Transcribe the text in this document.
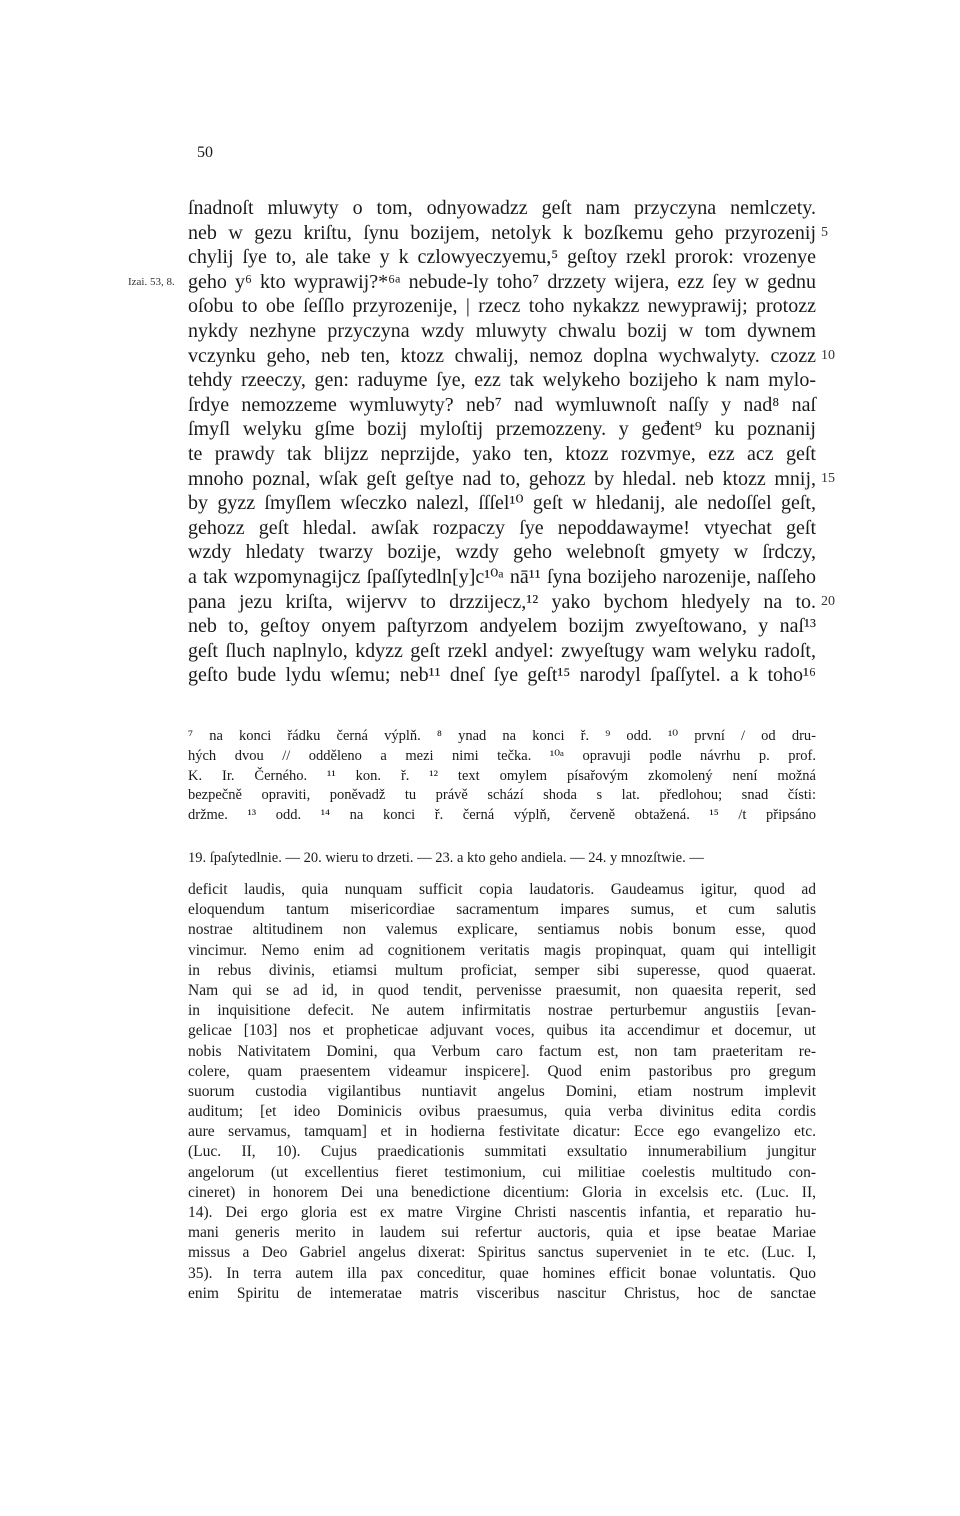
50
ſnadnoſt mluwyty o tom, odnyowadzz geſt nam przyczyna nemlczety.
neb w gezu kriſtu, ſynu bozijem, netolyk k bozſkemu geho przyrozenij 5
chylij ſye to, ale take y k czlowyeczyemu,⁵ geſtoy rzekl prorok: vrozenye
geho y⁶ kto wyprawij?*⁶ᵃ nebude-ly toho⁷ drzzety wijera, ezz ſey w gednu
Izai. 53, 8.
oſobu to obe ſeſſlo przyrozenije, | rzecz toho nykakzz newyprawij; protozz
nykdy nezhyne przyczyna wzdy mluwyty chwalu bozij w tom dywnem
vczynku geho, neb ten, ktozz chwalij, nemoz doplna wychwalyty. czozz 10
tehdy rzeeczy, gen: raduyme ſye, ezz tak welykeho bozijeho k nam mylo-
ſrdye nemozzeme wymluwyty? neb⁷ nad wymluwnoſt naſſy y nad⁸ naſ
ſmyſl welyku gſme bozij myloſtij przemozzeny. y geđent⁹ ku poznanij
te prawdy tak blijzz neprzijde, yako ten, ktozz rozvmye, ezz acz geſt
mnoho poznal, wſak geſt geſtye nad to, gehozz by hledal. neb ktozz mnij, 15
by gyzz ſmyſlem wſeczko nalezl, ſſſel¹⁰ geſt w hledanij, ale nedoſſel geſt,
gehozz geſt hledal. awſak rozpaczy ſye nepoddawayme! vtyechat geſt
wzdy hledaty twarzy bozije, wzdy geho welebnoſt gmyety w ſrdczy,
a tak wzpomynagijcz ſpaſſytedln[y]c¹⁰ᵃ nā¹¹ ſyna bozijeho narozenije, naſſeho
pana jezu kriſta, wijervv to drzzijecz,¹² yako bychom hledyely na to. 20
neb to, geſtoy onyem paſtyrzom andyelem bozijm zwyeſtowano, y naſ¹³
geſt ſluch naplnylo, kdyzz geſt rzekl andyel: zwyeſtugy wam welyku radoſt,
geſto bude lydu wſemu; neb¹¹ dneſ ſye geſt¹⁵ narodyl ſpaſſytel. a k toho¹⁶
⁷ na konci řádku černá výplň. ⁸ ynad na konci ř. ⁹ odd. ¹⁰ první / od dru-
hých dvou // odděleno a mezi nimi tečka. ¹⁰ᵃ opravuji podle návrhu p. prof.
K. Ir. Černého. ¹¹ kon. ř. ¹² text omylem písařovým zkomolený není možná
bezpečně opraviti, poněvadž tu právě schází shoda s lat. předlohou; snad čísti:
držme. ¹³ odd. ¹⁴ na konci ř. černá výplň, červeně obtažená. ¹⁵ /t připsáno
19. ſpaſytedlnie. — 20. wieru to drzeti. — 23. a kto geho andiela. — 24. y mnozſtwie. —
deficit laudis, quia nunquam sufficit copia laudatoris. Gaudeamus igitur, quod ad
eloquendum tantum misericordiae sacramentum impares sumus, et cum salutis
nostrae altitudinem non valemus explicare, sentiamus nobis bonum esse, quod
vincimur. Nemo enim ad cognitionem veritatis magis propinquat, quam qui intelligit
in rebus divinis, etiamsi multum proficiat, semper sibi superesse, quod quaerat.
Nam qui se ad id, in quod tendit, pervenisse praesumit, non quaesita reperit, sed
in inquisitione defecit. Ne autem infirmitatis nostrae perturbemur angustiis [evan-
gelicae [103] nos et propheticae adjuvant voces, quibus ita accendimur et docemur, ut
nobis Nativitatem Domini, qua Verbum caro factum est, non tam praeteritam re-
colere, quam praesentem videamur inspicere]. Quod enim pastoribus pro gregum
suorum custodia vigilantibus nuntiavit angelus Domini, etiam nostrum implevit
auditum; [et ideo Dominicis ovibus praesumus, quia verba divinitus edita cordis
aure servamus, tamquam] et in hodierna festivitate dicatur: Ecce ego evangelizo etc.
(Luc. II, 10). Cujus praedicationis summitati exsultatio innumerabilium jungitur
angelorum (ut excellentius fieret testimonium, cui militiae coelestis multitudo con-
cineret) in honorem Dei una benedictione dicentium: Gloria in excelsis etc. (Luc. II,
14). Dei ergo gloria est ex matre Virgine Christi nascentis infantia, et reparatio hu-
mani generis merito in laudem sui refertur auctoris, quia et ipse beatae Mariae
missus a Deo Gabriel angelus dixerat: Spiritus sanctus superveniet in te etc. (Luc. I,
35). In terra autem illa pax conceditur, quae homines efficit bonae voluntatis. Quo
enim Spiritu de intemeratae matris visceribus nascitur Christus, hoc de sanctae
